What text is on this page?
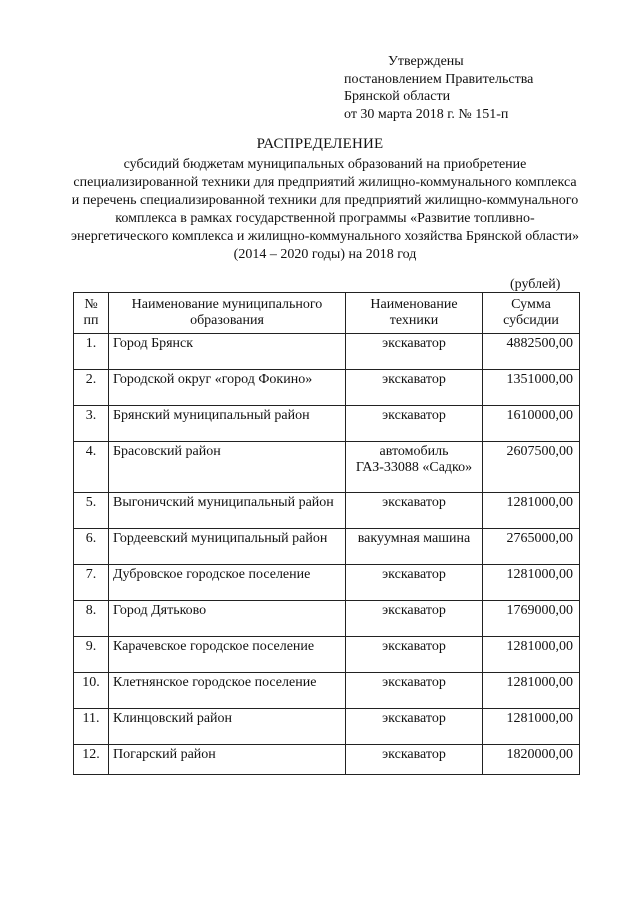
Утверждены
постановлением Правительства
Брянской области
от 30 марта 2018 г. № 151-п
РАСПРЕДЕЛЕНИЕ
субсидий бюджетам муниципальных образований на приобретение специализированной техники для предприятий жилищно-коммунального комплекса и перечень специализированной техники для предприятий жилищно-коммунального комплекса в рамках государственной программы «Развитие топливно-энергетического комплекса и жилищно-коммунального хозяйства Брянской области» (2014 – 2020 годы) на 2018 год
(рублей)
№ пп	Наименование муниципального образования	Наименование техники	Сумма субсидии
1.	Город Брянск	экскаватор	4882500,00
2.	Городской округ «город Фокино»	экскаватор	1351000,00
3.	Брянский муниципальный район	экскаватор	1610000,00
4.	Брасовский район	автомобиль ГАЗ-33088 «Садко»	2607500,00
5.	Выгоничский муниципальный район	экскаватор	1281000,00
6.	Гордеевский муниципальный район	вакуумная машина	2765000,00
7.	Дубровское городское поселение	экскаватор	1281000,00
8.	Город Дятьково	экскаватор	1769000,00
9.	Карачевское городское поселение	экскаватор	1281000,00
10.	Клетнянское городское поселение	экскаватор	1281000,00
11.	Клинцовский район	экскаватор	1281000,00
12.	Погарский район	экскаватор	1820000,00
